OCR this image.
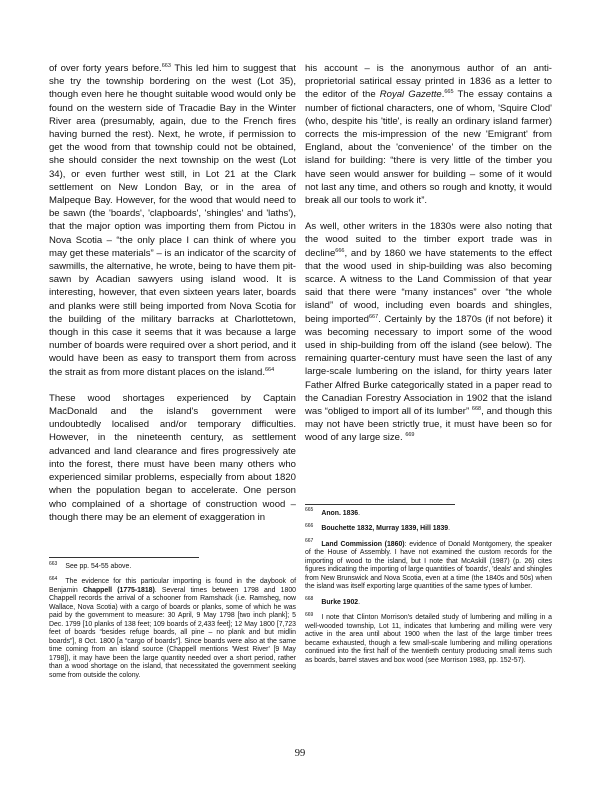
of over forty years before.$^{663}$ This led him to suggest that she try the township bordering on the west (Lot 35), though even here he thought suitable wood would only be found on the western side of Tracadie Bay in the Winter River area (presumably, again, due to the French fires having burned the rest). Next, he wrote, if permission to get the wood from that township could not be obtained, she should consider the next township on the west (Lot 34), or even further west still, in Lot 21 at the Clark settlement on New London Bay, or in the area of Malpeque Bay. However, for the wood that would need to be sawn (the 'boards', 'clapboards', 'shingles' and 'laths'), that the major option was importing them from Pictou in Nova Scotia – “the only place I can think of where you may get these materials” – is an indicator of the scarcity of sawmills, the alternative, he wrote, being to have them pit-sawn by Acadian sawyers using island wood. It is interesting, however, that even sixteen years later, boards and planks were still being imported from Nova Scotia for the building of the military barracks at Charlottetown, though in this case it seems that it was because a large number of boards were required over a short period, and it would have been as easy to transport them from across the strait as from more distant places on the island.$^{664}$

These wood shortages experienced by Captain MacDonald and the island's government were undoubtedly localised and/or temporary difficulties. However, in the nineteenth century, as settlement advanced and land clearance and fires progressively ate into the forest, there must have been many others who experienced similar problems, especially from about 1820 when the population began to accelerate. One person who complained of a shortage of construction wood – though there may be an element of exaggeration in

$^{663}$ See pp. 54-55 above.

$^{664}$ The evidence for this particular importing is found in the daybook of Benjamin Chappell (1775-1818). Several times between 1798 and 1800 Chappell records the arrival of a schooner from Ramshack (i.e. Ramsheg, now Wallace, Nova Scotia) with a cargo of boards or planks, some of which he was paid by the government to measure: 30 April, 9 May 1798 [two inch plank]; 5 Dec. 1799 [10 planks of 138 feet; 109 boards of 2,433 feet]; 12 May 1800 [7,723 feet of boards “besides refuge boards, all pine – no plank and but midlin boards”], 8 Oct. 1800 [a “cargo of boards”]. Since boards were also at the same time coming from an island source (Chappell mentions 'West River' [9 May 1798]), it may have been the large quantity needed over a short period, rather than a wood shortage on the island, that necessitated the government seeking some from outside the colony.

his account – is the anonymous author of an anti-proprietorial satirical essay printed in 1836 as a letter to the editor of the Royal Gazette.$^{665}$ The essay contains a number of fictional characters, one of whom, 'Squire Clod' (who, despite his 'title', is really an ordinary island farmer) corrects the mis-impression of the new 'Emigrant' from England, about the 'convenience' of the timber on the island for building: “there is very little of the timber you have seen would answer for building – some of it would not last any time, and others so rough and knotty, it would break all our tools to work it”.

As well, other writers in the 1830s were also noting that the wood suited to the timber export trade was in decline$^{666}$, and by 1860 we have statements to the effect that the wood used in ship-building was also becoming scarce. A witness to the Land Commission of that year said that there were “many instances” over “the whole island” of wood, including even boards and shingles, being imported$^{667}$. Certainly by the 1870s (if not before) it was becoming necessary to import some of the wood used in ship-building from off the island (see below). The remaining quarter-century must have seen the last of any large-scale lumbering on the island, for thirty years later Father Alfred Burke categorically stated in a paper read to the Canadian Forestry Association in 1902 that the island was “obliged to import all of its lumber” $^{668}$, and though this may not have been strictly true, it must have been so for wood of any large size. $^{669}$

$^{665}$ Anon. 1836.

$^{666}$ Bouchette 1832, Murray 1839, Hill 1839.

$^{667}$ Land Commission (1860): evidence of Donald Montgomery, the speaker of the House of Assembly. I have not examined the custom records for the importing of wood to the island, but I note that McAskill (1987) (p. 26) cites figures indicating the importing of large quantities of 'boards', 'deals' and shingles from New Brunswick and Nova Scotia, even at a time (the 1840s and 50s) when the island was itself exporting large quantities of the same types of lumber.

$^{668}$ Burke 1902.

$^{669}$ I note that Clinton Morrison's detailed study of lumbering and milling in a well-wooded township, Lot 11, indicates that lumbering and milling were very active in the area until about 1900 when the last of the large timber trees became exhausted, though a few small-scale lumbering and milling operations continued into the first half of the twentieth century producing small items such as boards, barrel staves and box wood (see Morrison 1983, pp. 152-57).

99
